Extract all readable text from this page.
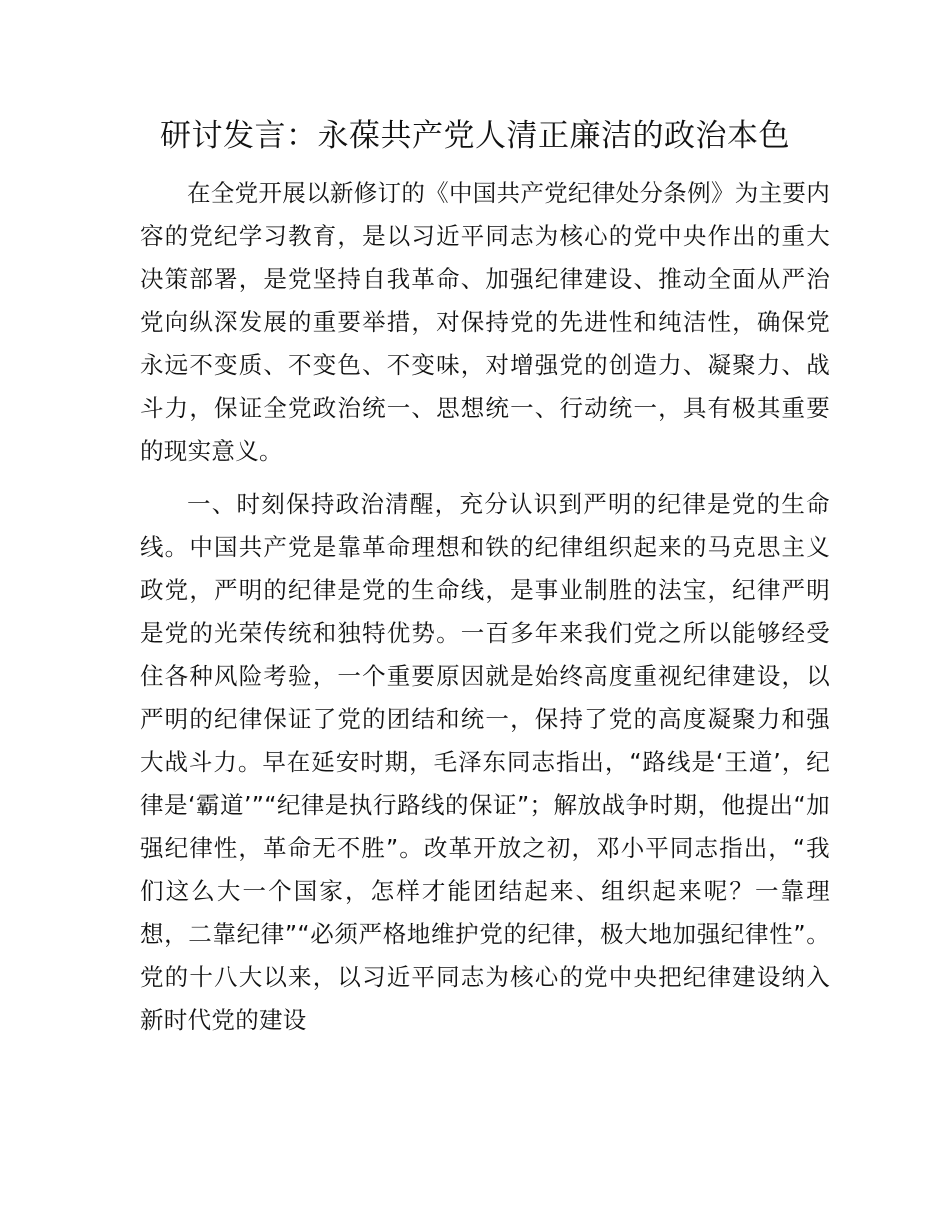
研讨发言：永葆共产党人清正廉洁的政治本色

在全党开展以新修订的《中国共产党纪律处分条例》为主要内容的党纪学习教育，是以习近平同志为核心的党中央作出的重大决策部署，是党坚持自我革命、加强纪律建设、推动全面从严治党向纵深发展的重要举措，对保持党的先进性和纯洁性，确保党永远不变质、不变色、不变味，对增强党的创造力、凝聚力、战斗力，保证全党政治统一、思想统一、行动统一，具有极其重要的现实意义。

一、时刻保持政治清醒，充分认识到严明的纪律是党的生命线。中国共产党是靠革命理想和铁的纪律组织起来的马克思主义政党，严明的纪律是党的生命线，是事业制胜的法宝，纪律严明是党的光荣传统和独特优势。一百多年来我们党之所以能够经受住各种风险考验，一个重要原因就是始终高度重视纪律建设，以严明的纪律保证了党的团结和统一，保持了党的高度凝聚力和强大战斗力。早在延安时期，毛泽东同志指出，“路线是‘王道’，纪律是‘霸道’”“纪律是执行路线的保证”；解放战争时期，他提出“加强纪律性，革命无不胜”。改革开放之初，邓小平同志指出，“我们这么大一个国家，怎样才能团结起来、组织起来呢？一靠理想，二靠纪律”“必须严格地维护党的纪律，极大地加强纪律性”。党的十八大以来，以习近平同志为核心的党中央把纪律建设纳入新时代党的建设
